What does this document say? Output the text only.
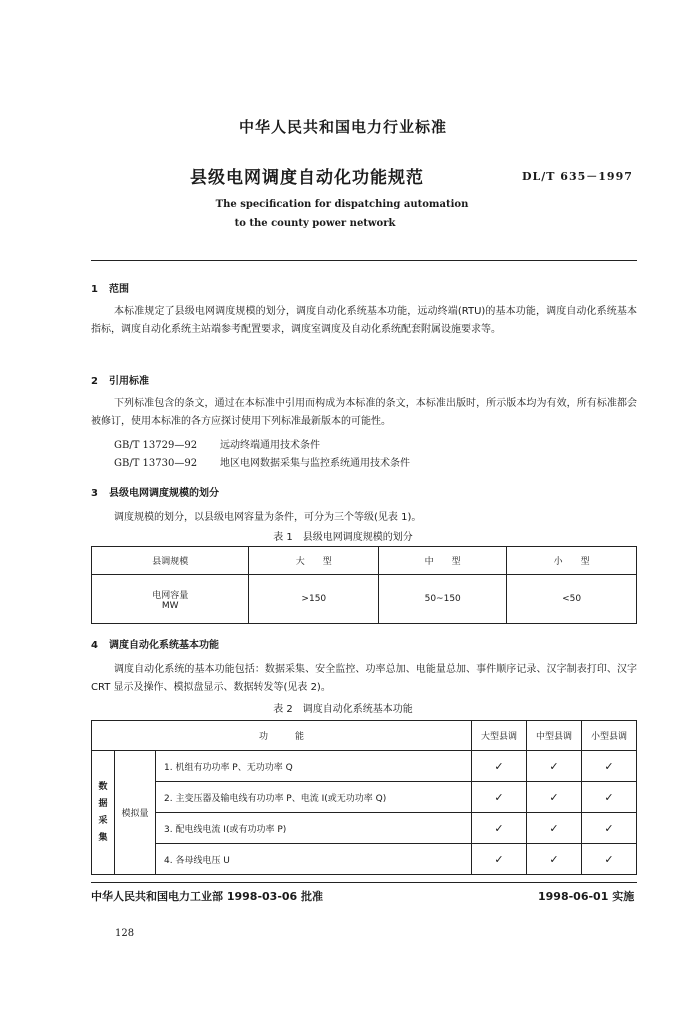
中华人民共和国电力行业标准
县级电网调度自动化功能规范	DL/T 635－1997
The specification for dispatching automation
to the county power network
1 范围

本标准规定了县级电网调度规模的划分，调度自动化系统基本功能，远动终端(RTU)的基本功能，调度自动化系统基本指标，调度自动化系统主站端参考配置要求，调度室调度及自动化系统配套附属设施要求等。

2 引用标准

下列标准包含的条文，通过在本标准中引用而构成为本标准的条文，本标准出版时，所示版本均为有效，所有标准都会被修订，使用本标准的各方应探讨使用下列标准最新版本的可能性。

GB/T 13729—92 远动终端通用技术条件
GB/T 13730—92 地区电网数据采集与监控系统通用技术条件
3 县级电网调度规模的划分

调度规模的划分，以县级电网容量为条件，可分为三个等级(见表 1)。

表 1　县级电网调度规模的划分
县调规模	大　　型	中　　型	小　　型

电网容量
MW	>150	50~150	<50
4 调度自动化系统基本功能

调度自动化系统的基本功能包括：数据采集、安全监控、功率总加、电能量总加、事件顺序记录、汉字制表打印、汉字 CRT 显示及操作、模拟盘显示、数据转发等(见表 2)。

表 2　调度自动化系统基本功能
功　　　能			大型县调	中型县调	小型县调

数据采集	模拟量	1. 机组有功功率 P、无功功率 Q	✓	✓	✓
		2. 主变压器及输电线有功功率 P、电流 I(或无功功率 Q)	✓	✓	✓
		3. 配电线电流 I(或有功功率 P)	✓	✓	✓
		4. 各母线电压 U	✓	✓	✓
中华人民共和国电力工业部 1998-03-06 批准	1998-06-01 实施
128
